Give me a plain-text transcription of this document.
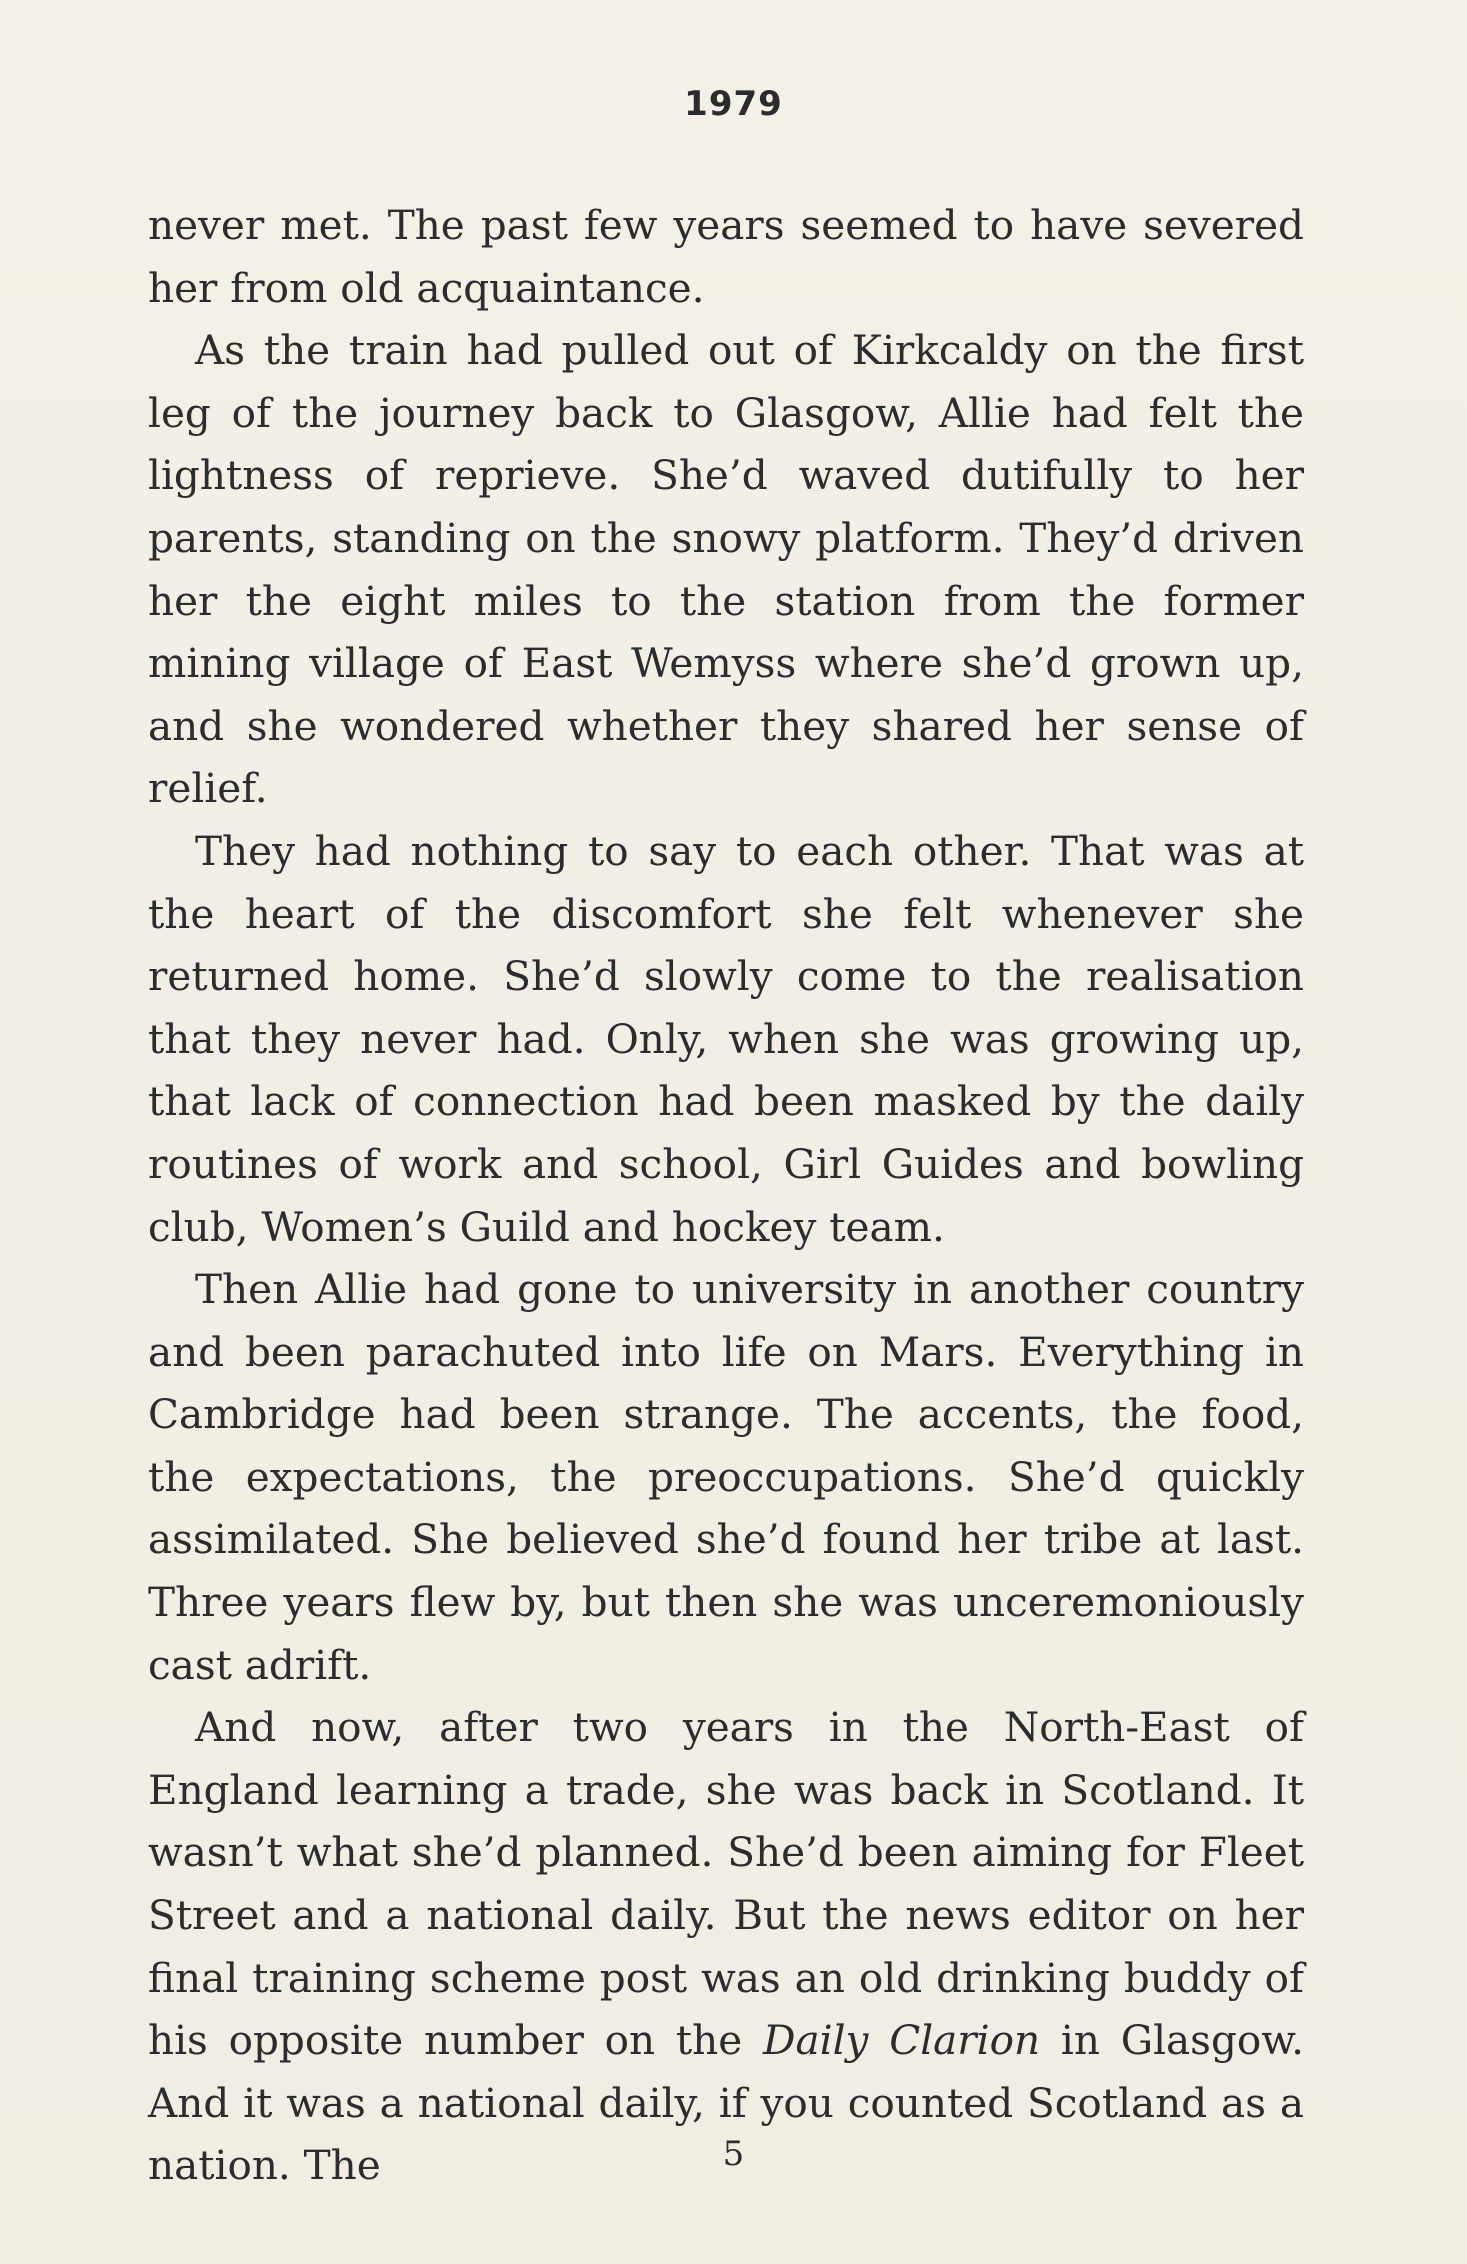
1979

never met. The past few years seemed to have severed her from old acquaintance.

As the train had pulled out of Kirkcaldy on the first leg of the journey back to Glasgow, Allie had felt the lightness of reprieve. She’d waved dutifully to her parents, standing on the snowy platform. They’d driven her the eight miles to the station from the former mining village of East Wemyss where she’d grown up, and she wondered whether they shared her sense of relief.

They had nothing to say to each other. That was at the heart of the discomfort she felt whenever she returned home. She’d slowly come to the realisation that they never had. Only, when she was growing up, that lack of connection had been masked by the daily routines of work and school, Girl Guides and bowling club, Women’s Guild and hockey team.

Then Allie had gone to university in another country and been parachuted into life on Mars. Everything in Cambridge had been strange. The accents, the food, the expectations, the preoccupations. She’d quickly assimilated. She believed she’d found her tribe at last. Three years flew by, but then she was unceremoniously cast adrift.

And now, after two years in the North-East of England learning a trade, she was back in Scotland. It wasn’t what she’d planned. She’d been aiming for Fleet Street and a national daily. But the news editor on her final training scheme post was an old drinking buddy of his opposite number on the Daily Clarion in Glasgow. And it was a national daily, if you counted Scotland as a nation. The	5
